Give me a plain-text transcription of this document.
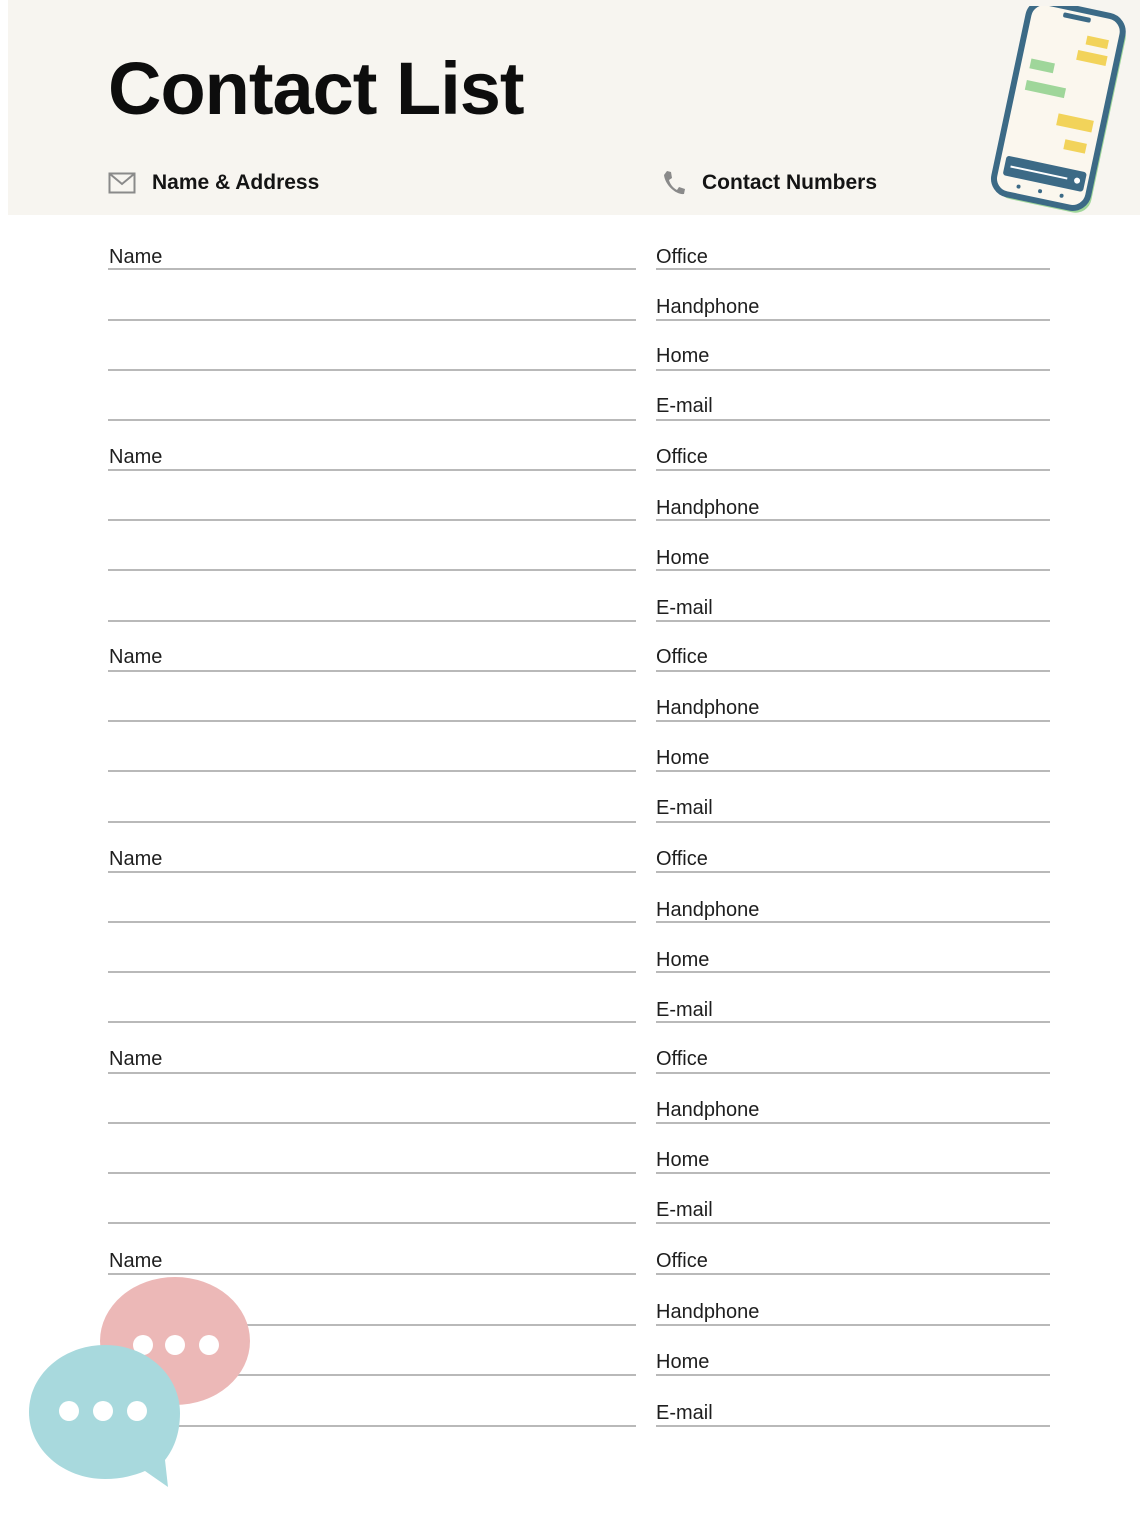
Contact List
Name & Address	Contact Numbers
Name	Office
Handphone
Home
E-mail
Name	Office
Handphone
Home
E-mail
Name	Office
Handphone
Home
E-mail
Name	Office
Handphone
Home
E-mail
Name	Office
Handphone
Home
E-mail
Name	Office
Handphone
Home
E-mail
